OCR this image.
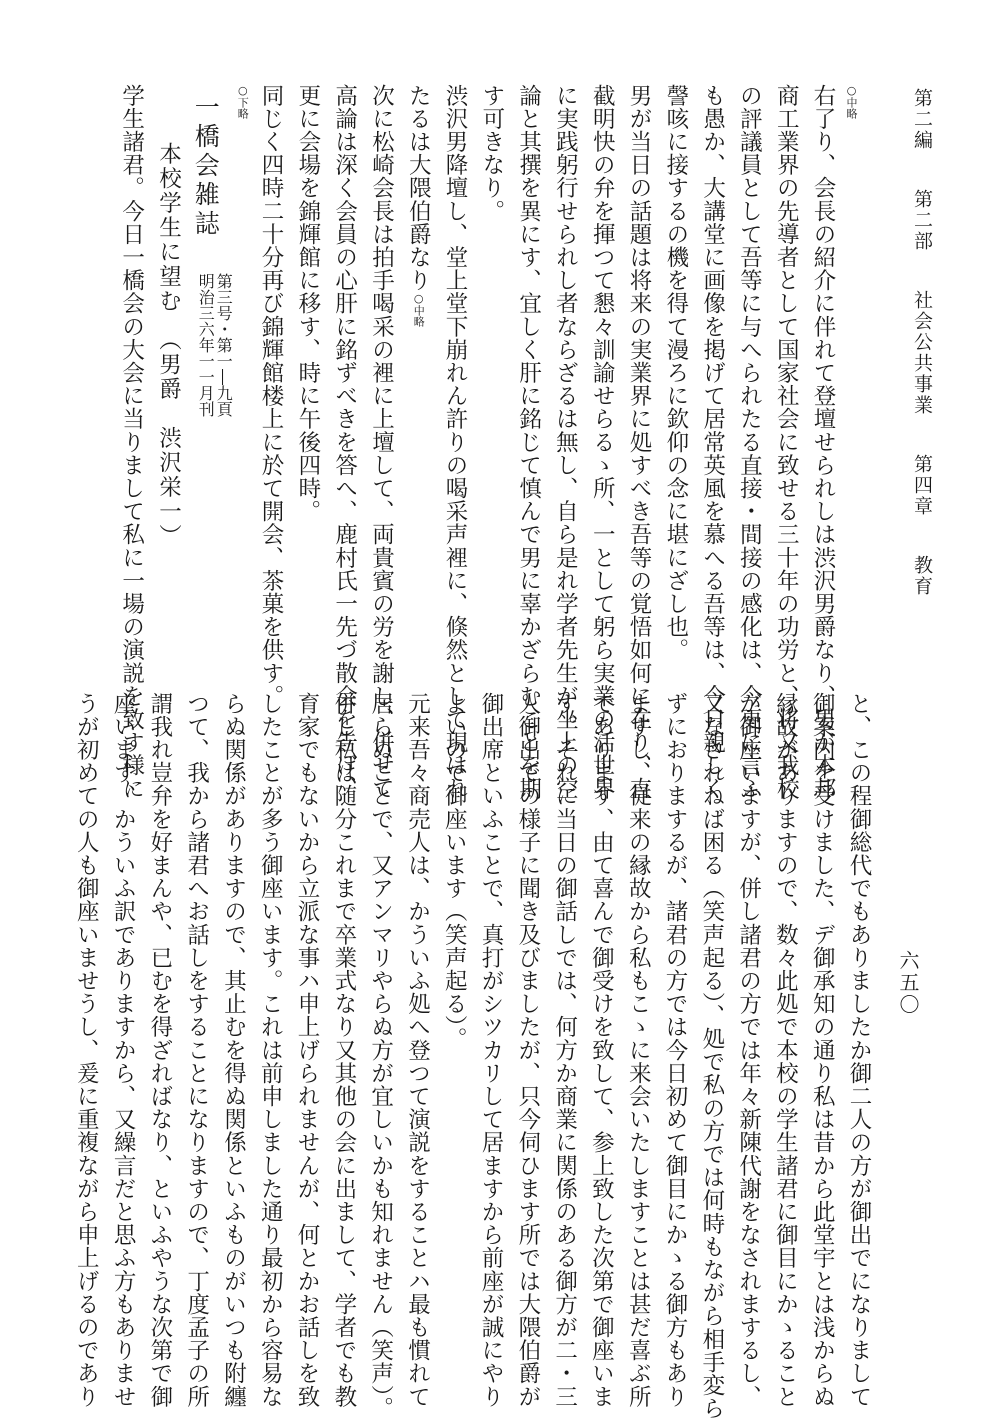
第二編 第二部 社会公共事業 第四章 教育
六五〇
○中略
右了り、会長の紹介に伴れて登壇せられしは渋沢男爵なり、男が本邦
商工業界の先導者として国家社会に致せる三十年の功労と、将又我校
の評議員として吾等に与へられたる直接・間接の感化は、今更に言ふ
も愚か、大講堂に画像を掲げて居常英風を慕へる吾等は、今日親しく
謦咳に接するの機を得て漫ろに欽仰の念に堪にざし也。
男が当日の話題は将来の実業界に処すべき吾等の覚悟如何に在り、直
截明快の弁を揮つて懇々訓諭せらるゝ所、一として躬ら実業の活世界
に実践躬行せられし者ならざるは無し、自ら是れ学者先生が坐上の空
論と其撰を異にす、宜しく肝に銘じて慎んで男に辜かざらむことを期
す可きなり。
渋沢男降壇し、堂上堂下崩れん許りの喝采声裡に、倏然として現はれ
たるは大隈伯爵なり○中略
次に松崎会長は拍手喝采の裡に上壇して、両貴賓の労を謝し、併せて
高論は深く会員の心肝に銘ずべきを答へ、鹿村氏一先づ散会を告げ、
更に会場を錦輝館に移す、時に午後四時。
同じく四時二十分再び錦輝館楼上に於て開会、茶菓を供す。
○下略
一橋会雑誌
第三号・第一―九頁
明治三六年一一月刊
本校学生に望む（男爵　渋沢栄一）
学生諸君。今日一橋会の大会に当りまして私に一場の演説を致す様に
と、この程御総代でもありましたか御二人の方が御出でになりまして
御案内を受けました、デ御承知の通り私は昔から此堂宇とは浅からぬ
縁故がありますので、数々此処で本校の学生諸君に御目にかゝること
が御座いますが、併し諸君の方では年々新陳代謝をなされまするし、
又なされねば困る（笑声起る）、処で私の方では何時もながら相手変ら
ずにおりまするが、諸君の方では今日初めて御目にかゝる御方もあり
ますし、従来の縁故から私もこゝに来会いたしますことは甚だ喜ぶ所
であります、由て喜んで御受けを致して、参上致した次第で御座いま
す。それに当日の御話しでは、何方か商業に関係のある御方が二・三
人御出での様子に聞き及びましたが、只今伺ひます所では大隈伯爵が
御出席といふことで、真打がシツカリして居ますから前座が誠にやり
よいので御座います（笑声起る）。
元来吾々商売人は、かういふ処へ登つて演説をすることハ最も慣れて
居らぬことで、又アンマリやらぬ方が宜しいかも知れません（笑声）。
併し私は随分これまで卒業式なり又其他の会に出まして、学者でも教
育家でもないから立派な事ハ申上げられませんが、何とかお話しを致
したことが多う御座います。これは前申しました通り最初から容易な
らぬ関係がありますので、其止むを得ぬ関係といふものがいつも附纏
つて、我から諸君へお話しをすることになりますので、丁度孟子の所
謂我れ豈弁を好まんや、已むを得ざればなり、といふやうな次第で御
座います、かういふ訳でありますから、又繰言だと思ふ方もありませ
うが初めての人も御座いませうし、爰に重複ながら申上げるのであり
